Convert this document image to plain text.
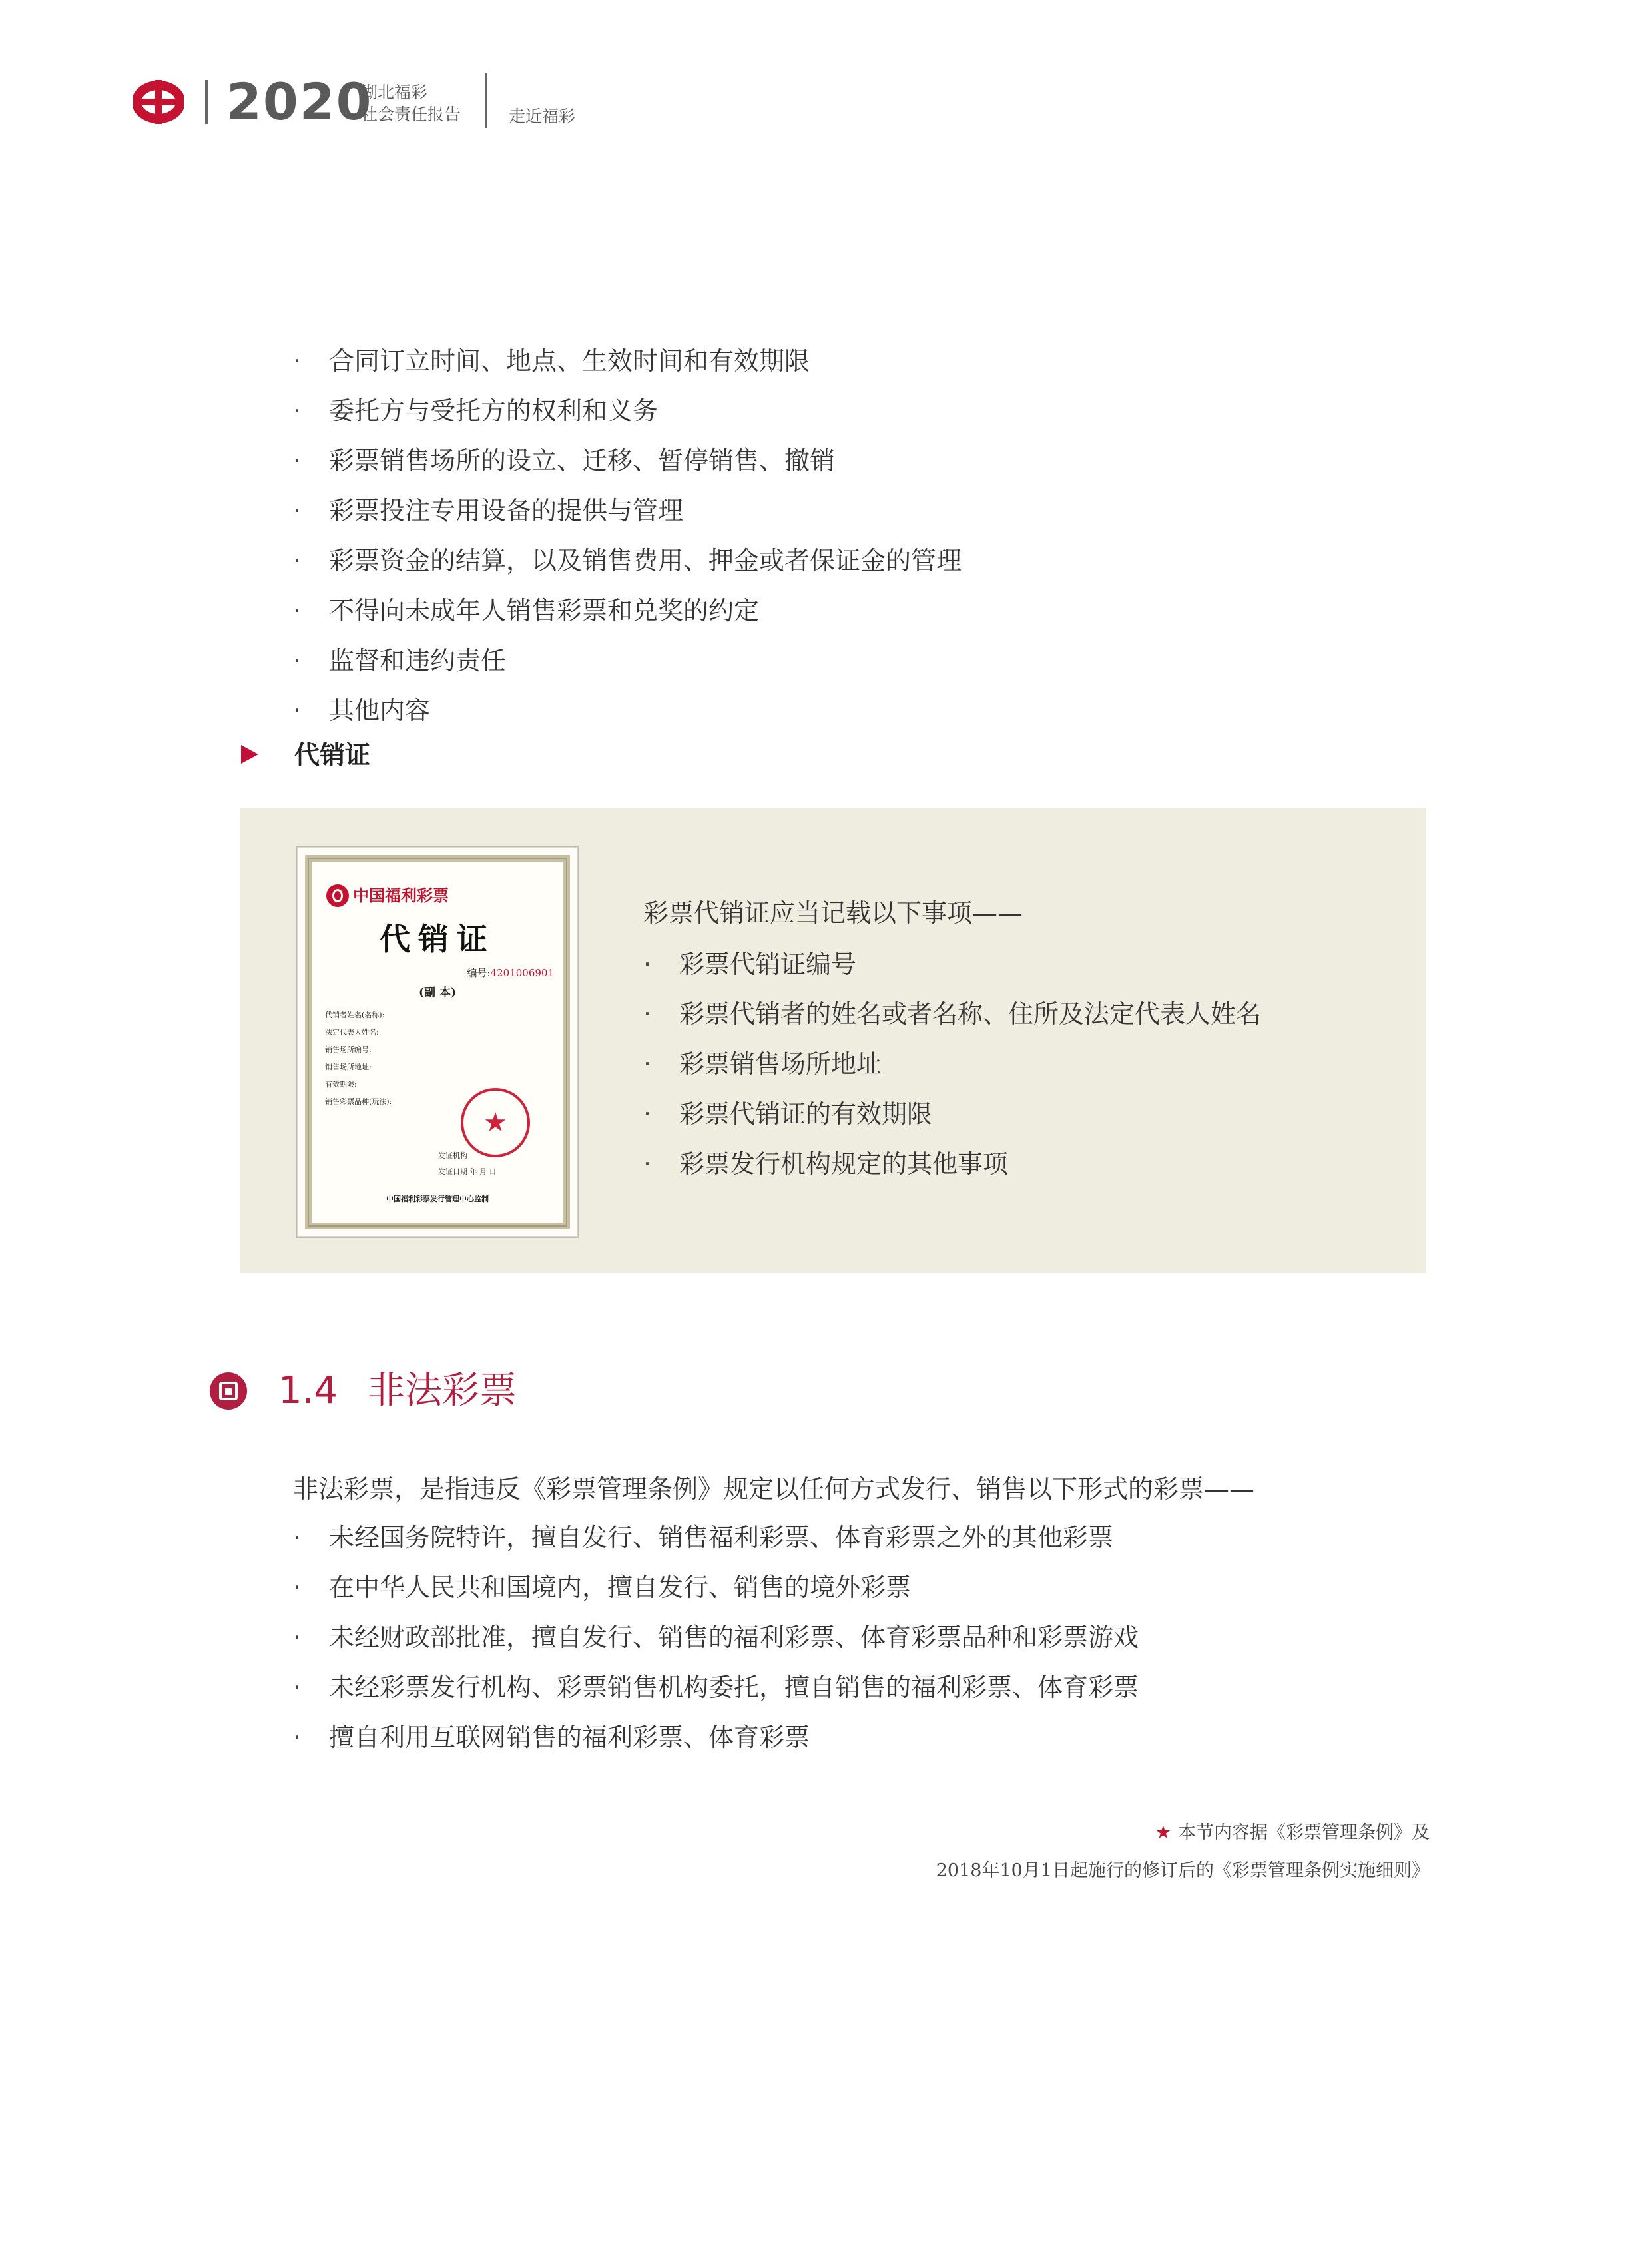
2020
湖北福彩
社会责任报告	走近福彩
· 合同订立时间、地点、生效时间和有效期限
· 委托方与受托方的权利和义务
· 彩票销售场所的设立、迁移、暂停销售、撤销
· 彩票投注专用设备的提供与管理
· 彩票资金的结算，以及销售费用、押金或者保证金的管理
· 不得向未成年人销售彩票和兑奖的约定
· 监督和违约责任
· 其他内容
代销证
中国福利彩票
代销证
编号:4201006901
(副 本)
代销者姓名(名称):
法定代表人姓名:
销售场所编号:
销售场所地址:
有效期限:
销售彩票品种(玩法):
★
发证机构
发证日期 年 月 日
中国福利彩票发行管理中心监制
彩票代销证应当记载以下事项——
· 彩票代销证编号
· 彩票代销者的姓名或者名称、住所及法定代表人姓名
· 彩票销售场所地址
· 彩票代销证的有效期限
· 彩票发行机构规定的其他事项
1.4 非法彩票
非法彩票，是指违反《彩票管理条例》规定以任何方式发行、销售以下形式的彩票——
· 未经国务院特许，擅自发行、销售福利彩票、体育彩票之外的其他彩票
· 在中华人民共和国境内，擅自发行、销售的境外彩票
· 未经财政部批准，擅自发行、销售的福利彩票、体育彩票品种和彩票游戏
· 未经彩票发行机构、彩票销售机构委托，擅自销售的福利彩票、体育彩票
· 擅自利用互联网销售的福利彩票、体育彩票
★ 本节内容据《彩票管理条例》及
2018年10月1日起施行的修订后的《彩票管理条例实施细则》
